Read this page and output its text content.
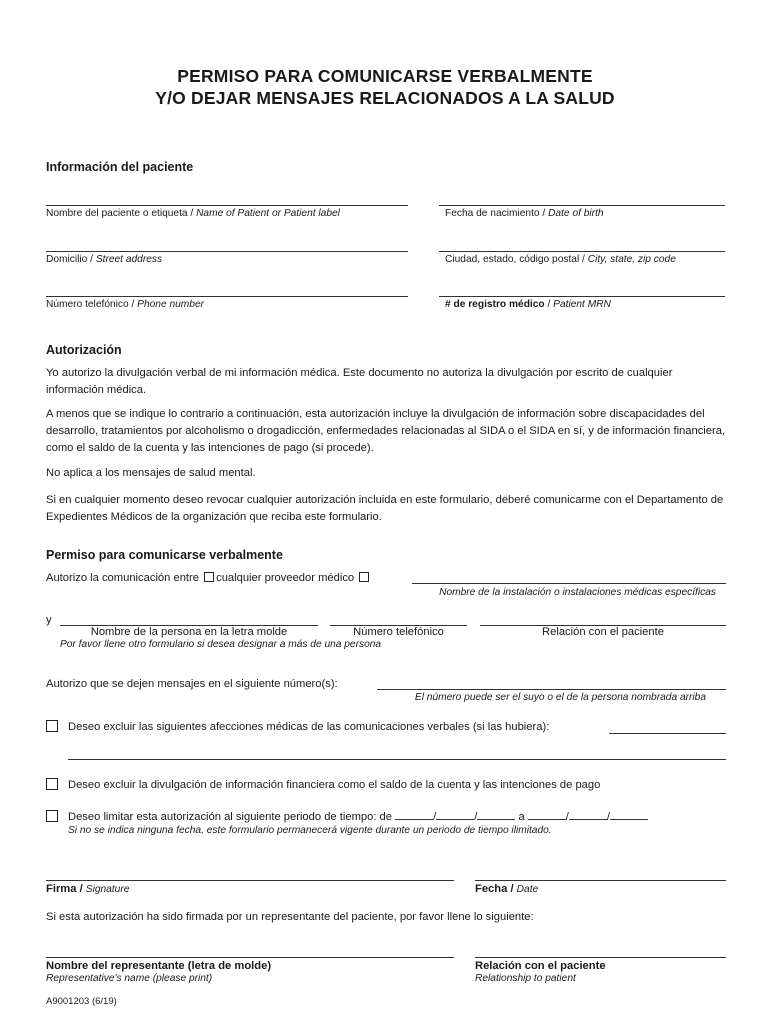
PERMISO PARA COMUNICARSE VERBALMENTE
Y/O DEJAR MENSAJES RELACIONADOS A LA SALUD
Información del paciente
Nombre del paciente o etiqueta / Name of Patient or Patient label	Fecha de nacimiento / Date of birth
Domicilio / Street address	Ciudad, estado, código postal / City, state, zip code
Número telefónico / Phone number	# de registro médico / Patient MRN
Autorización
Yo autorizo la divulgación verbal de mi información médica. Este documento no autoriza la divulgación por escrito de cualquier información médica.
A menos que se indique lo contrario a continuación, esta autorización incluye la divulgación de información sobre discapacidades del desarrollo, tratamientos por alcoholismo o drogadicción, enfermedades relacionadas al SIDA o el SIDA en sí, y de información financiera, como el saldo de la cuenta y las intenciones de pago (si procede).
No aplica a los mensajes de salud mental.
Si en cualquier momento deseo revocar cualquier autorización incluida en este formulario, deberé comunicarme con el Departamento de Expedientes Médicos de la organización que reciba este formulario.
Permiso para comunicarse verbalmente
Autorizo la comunicación entre cualquier proveedor médico
Nombre de la instalación o instalaciones médicas específicas
y
Nombre de la persona en la letra molde	Número telefónico	Relación con el paciente
Por favor llene otro formulario si desea designar a más de una persona
Autorizo que se dejen mensajes en el siguiente número(s):
El número puede ser el suyo o el de la persona nombrada arriba
Deseo excluir las siguientes afecciones médicas de las comunicaciones verbales (si las hubiera):
Deseo excluir la divulgación de información financiera como el saldo de la cuenta y las intenciones de pago
Deseo limitar esta autorización al siguiente periodo de tiempo: de	/	/	a	/	/
Si no se indica ninguna fecha, este formulario permanecerá vigente durante un periodo de tiempo ilimitado.
Firma / Signature	Fecha / Date
Si esta autorización ha sido firmada por un representante del paciente, por favor llene lo siguiente:
Nombre del representante (letra de molde)
Representative's name (please print)
Relación con el paciente
Relationship to patient
A9001203 (6/19)
